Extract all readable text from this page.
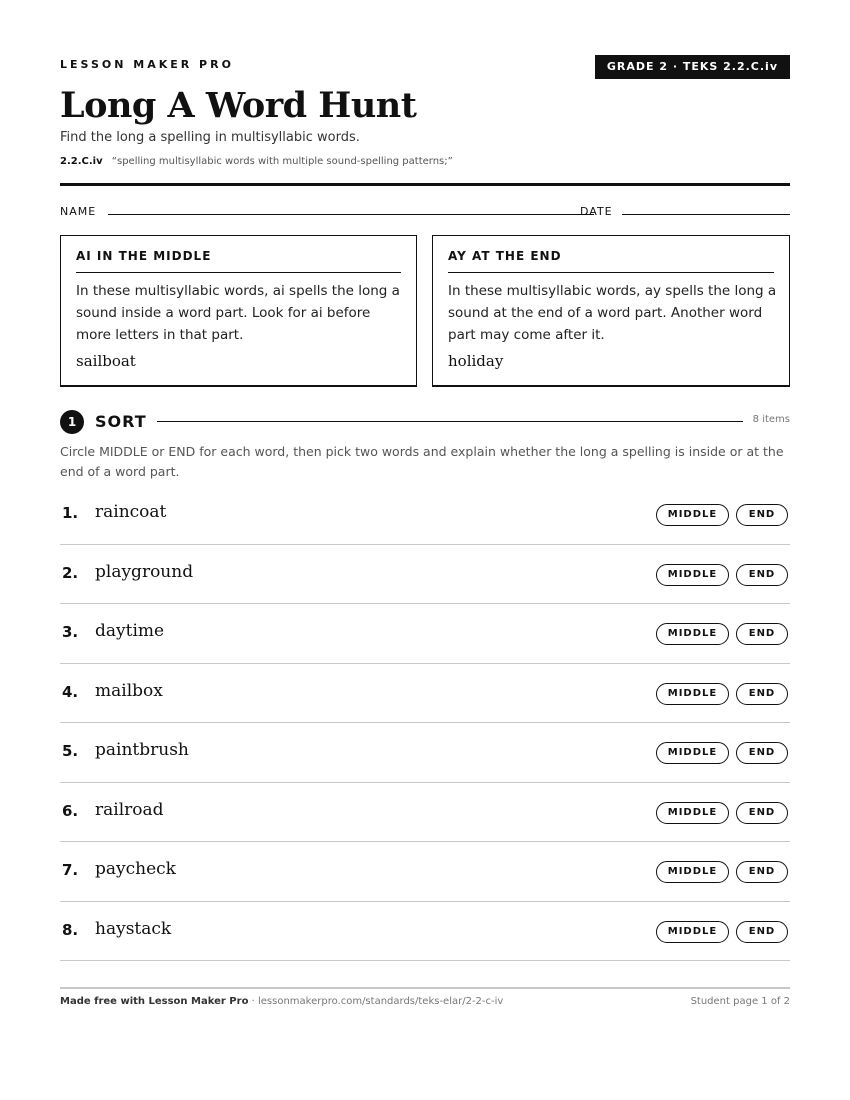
LESSON MAKER PRO	GRADE 2 · TEKS 2.2.C.iv
Long A Word Hunt
Find the long a spelling in multisyllabic words.
2.2.C.iv “spelling multisyllabic words with multiple sound-spelling patterns;”
NAME	DATE
AI IN THE MIDDLE
In these multisyllabic words, ai spells the long a sound inside a word part. Look for ai before more letters in that part.
sailboat
AY AT THE END
In these multisyllabic words, ay spells the long a sound at the end of a word part. Another word part may come after it.
holiday
1	SORT	8 items
Circle MIDDLE or END for each word, then pick two words and explain whether the long a spelling is inside or at the end of a word part.
1. raincoat	MIDDLE	END
2. playground	MIDDLE	END
3. daytime	MIDDLE	END
4. mailbox	MIDDLE	END
5. paintbrush	MIDDLE	END
6. railroad	MIDDLE	END
7. paycheck	MIDDLE	END
8. haystack	MIDDLE	END
Made free with Lesson Maker Pro · lessonmakerpro.com/standards/teks-elar/2-2-c-iv	Student page 1 of 2
